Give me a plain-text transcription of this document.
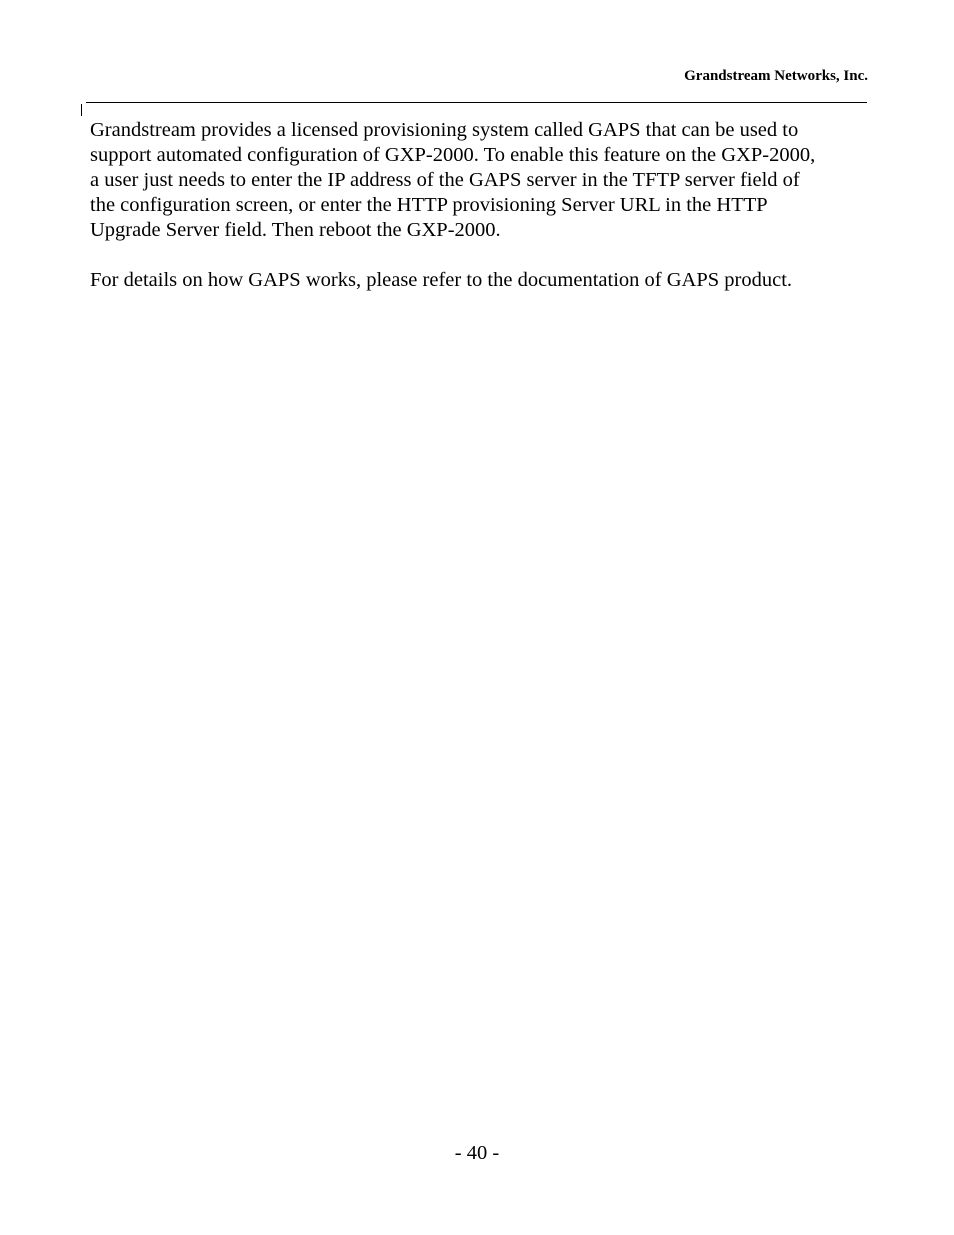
Grandstream Networks, Inc.

Grandstream provides a licensed provisioning system called GAPS that can be used to
support automated configuration of GXP-2000. To enable this feature on the GXP-2000,
a user just needs to enter the IP address of the GAPS server in the TFTP server field of
the configuration screen, or enter the HTTP provisioning Server URL in the HTTP
Upgrade Server field. Then reboot the GXP-2000.

For details on how GAPS works, please refer to the documentation of GAPS product.

- 40 -
